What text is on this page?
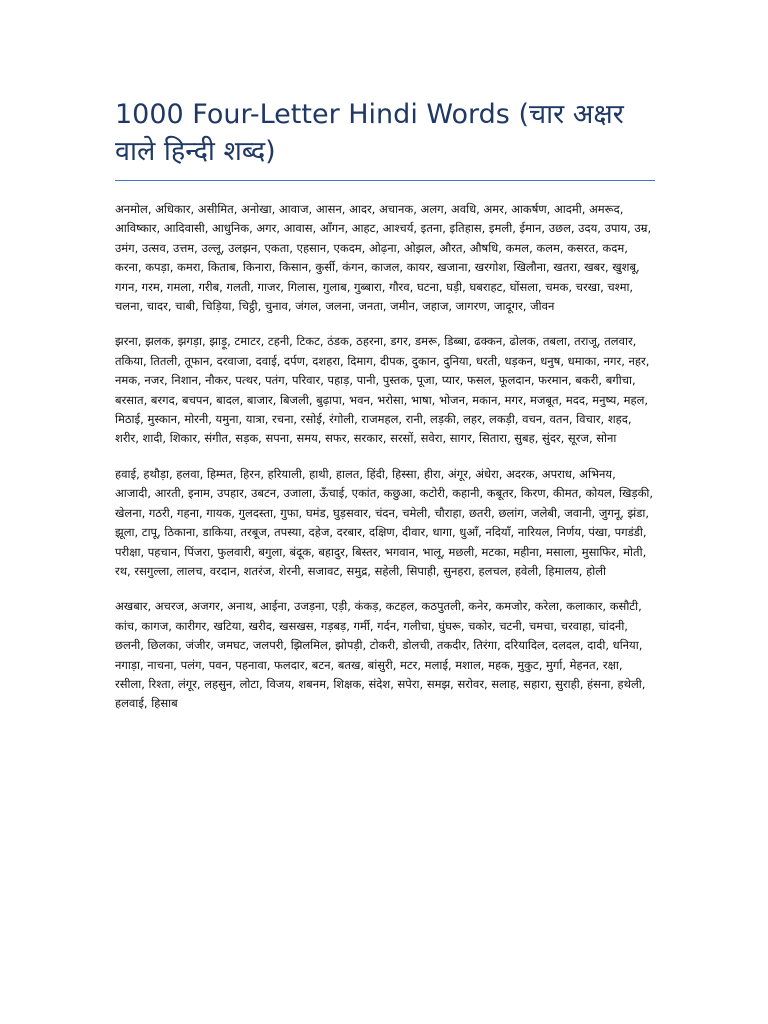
1000 Four-Letter Hindi Words (चार अक्षर वाले हिन्दी शब्द)

अनमोल, अधिकार, असीमित, अनोखा, आवाज, आसन, आदर, अचानक, अलग, अवधि, अमर, आकर्षण, आदमी, अमरूद, आविष्कार, आदिवासी, आधुनिक, अगर, आवास, आँगन, आहट, आश्चर्य, इतना, इतिहास, इमली, ईमान, उछल, उदय, उपाय, उम्र, उमंग, उत्सव, उत्तम, उल्लू, उलझन, एकता, एहसान, एकदम, ओढ़ना, ओझल, औरत, औषधि, कमल, कलम, कसरत, कदम, करना, कपड़ा, कमरा, किताब, किनारा, किसान, कुर्सी, कंगन, काजल, कायर, खजाना, खरगोश, खिलौना, खतरा, खबर, खुशबू, गगन, गरम, गमला, गरीब, गलती, गाजर, गिलास, गुलाब, गुब्बारा, गौरव, घटना, घड़ी, घबराहट, घोंसला, चमक, चरखा, चश्मा, चलना, चादर, चाबी, चिड़िया, चिट्ठी, चुनाव, जंगल, जलना, जनता, जमीन, जहाज, जागरण, जादूगर, जीवन

झरना, झलक, झगड़ा, झाड़ू, टमाटर, टहनी, टिकट, ठंडक, ठहरना, डगर, डमरू, डिब्बा, ढक्कन, ढोलक, तबला, तराजू, तलवार, तकिया, तितली, तूफान, दरवाजा, दवाई, दर्पण, दशहरा, दिमाग, दीपक, दुकान, दुनिया, धरती, धड़कन, धनुष, धमाका, नगर, नहर, नमक, नजर, निशान, नौकर, पत्थर, पतंग, परिवार, पहाड़, पानी, पुस्तक, पूजा, प्यार, फसल, फूलदान, फरमान, बकरी, बगीचा, बरसात, बरगद, बचपन, बादल, बाजार, बिजली, बुढ़ापा, भवन, भरोसा, भाषा, भोजन, मकान, मगर, मजबूत, मदद, मनुष्य, महल, मिठाई, मुस्कान, मोरनी, यमुना, यात्रा, रचना, रसोई, रंगोली, राजमहल, रानी, लड़की, लहर, लकड़ी, वचन, वतन, विचार, शहद, शरीर, शादी, शिकार, संगीत, सड़क, सपना, समय, सफर, सरकार, सरसों, सवेरा, सागर, सितारा, सुबह, सुंदर, सूरज, सोना

हवाई, हथौड़ा, हलवा, हिम्मत, हिरन, हरियाली, हाथी, हालत, हिंदी, हिस्सा, हीरा, अंगूर, अंधेरा, अदरक, अपराध, अभिनय, आजादी, आरती, इनाम, उपहार, उबटन, उजाला, ऊँचाई, एकांत, कछुआ, कटोरी, कहानी, कबूतर, किरण, कीमत, कोयल, खिड़की, खेलना, गठरी, गहना, गायक, गुलदस्ता, गुफा, घमंड, घुड़सवार, चंदन, चमेली, चौराहा, छतरी, छलांग, जलेबी, जवानी, जुगनू, झंडा, झूला, टापू, ठिकाना, डाकिया, तरबूज, तपस्या, दहेज, दरबार, दक्षिण, दीवार, धागा, धुआँ, नदियाँ, नारियल, निर्णय, पंखा, पगडंडी, परीक्षा, पहचान, पिंजरा, फुलवारी, बगुला, बंदूक, बहादुर, बिस्तर, भगवान, भालू, मछली, मटका, महीना, मसाला, मुसाफिर, मोती, रथ, रसगुल्ला, लालच, वरदान, शतरंज, शेरनी, सजावट, समुद्र, सहेली, सिपाही, सुनहरा, हलचल, हवेली, हिमालय, होली

अखबार, अचरज, अजगर, अनाथ, आईना, उजड़ना, एड़ी, कंकड़, कटहल, कठपुतली, कनेर, कमजोर, करेला, कलाकार, कसौटी, कांच, कागज, कारीगर, खटिया, खरीद, खसखस, गड़बड़, गर्मी, गर्दन, गलीचा, घुंघरू, चकोर, चटनी, चमचा, चरवाहा, चांदनी, छलनी, छिलका, जंजीर, जमघट, जलपरी, झिलमिल, झोपड़ी, टोकरी, डोलची, तकदीर, तिरंगा, दरियादिल, दलदल, दादी, धनिया, नगाड़ा, नाचना, पलंग, पवन, पहनावा, फलदार, बटन, बतख, बांसुरी, मटर, मलाई, मशाल, महक, मुकुट, मुर्गा, मेहनत, रक्षा, रसीला, रिश्ता, लंगूर, लहसुन, लोटा, विजय, शबनम, शिक्षक, संदेश, सपेरा, समझ, सरोवर, सलाह, सहारा, सुराही, हंसना, हथेली, हलवाई, हिसाब
